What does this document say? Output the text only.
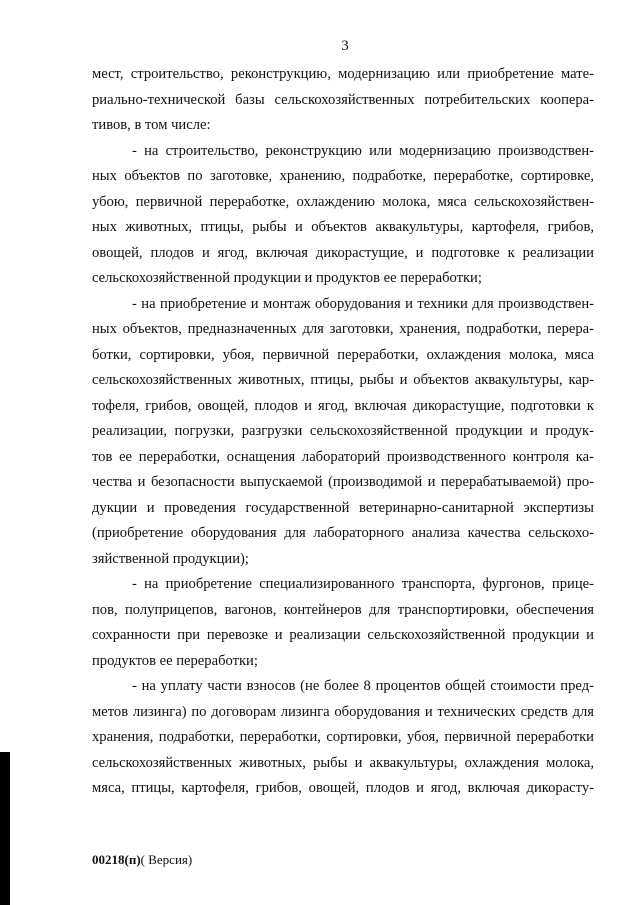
3
мест, строительство, реконструкцию, модернизацию или приобретение мате-
риально-технической базы сельскохозяйственных потребительских коопера-
тивов, в том числе:
- на строительство, реконструкцию или модернизацию производствен-
ных объектов по заготовке, хранению, подработке, переработке, сортировке,
убою, первичной переработке, охлаждению молока, мяса сельскохозяйствен-
ных животных, птицы, рыбы и объектов аквакультуры, картофеля, грибов,
овощей, плодов и ягод, включая дикорастущие, и подготовке к реализации
сельскохозяйственной продукции и продуктов ее переработки;
- на приобретение и монтаж оборудования и техники для производствен-
ных объектов, предназначенных для заготовки, хранения, подработки, перера-
ботки, сортировки, убоя, первичной переработки, охлаждения молока, мяса
сельскохозяйственных животных, птицы, рыбы и объектов аквакультуры, кар-
тофеля, грибов, овощей, плодов и ягод, включая дикорастущие, подготовки к
реализации, погрузки, разгрузки сельскохозяйственной продукции и продук-
тов ее переработки, оснащения лабораторий производственного контроля ка-
чества и безопасности выпускаемой (производимой и перерабатываемой) про-
дукции и проведения государственной ветеринарно-санитарной экспертизы
(приобретение оборудования для лабораторного анализа качества сельскохо-
зяйственной продукции);
- на приобретение специализированного транспорта, фургонов, прице-
пов, полуприцепов, вагонов, контейнеров для транспортировки, обеспечения
сохранности при перевозке и реализации сельскохозяйственной продукции и
продуктов ее переработки;
- на уплату части взносов (не более 8 процентов общей стоимости пред-
метов лизинга) по договорам лизинга оборудования и технических средств для
хранения, подработки, переработки, сортировки, убоя, первичной переработки
сельскохозяйственных животных, рыбы и аквакультуры, охлаждения молока,
мяса, птицы, картофеля, грибов, овощей, плодов и ягод, включая дикорасту-
00218(п)( Версия)
